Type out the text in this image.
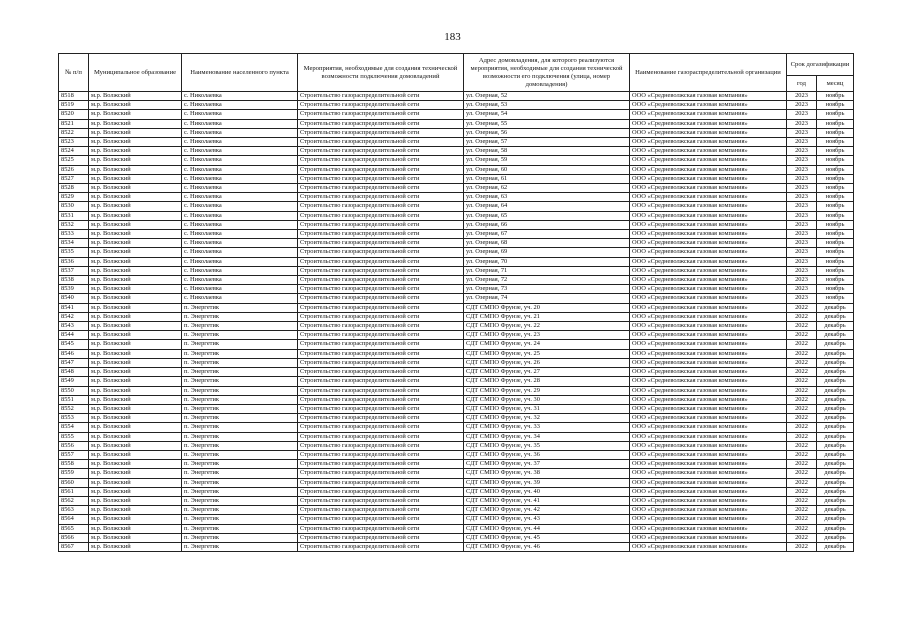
183
№ п/п	Муниципальное образование	Наименование населенного пункта	Мероприятия, необходимые для создания технической возможности подключения домовладений	Адрес домовладения, для которого реализуются мероприятия, необходимые для создания технической возможности его подключения (улица, номер домовладения)	Наименование газораспределительной организации	Срок догазификации	
						год	месяц
8518	м.р. Волжский	с. Николаевка	Строительство газораспределительной сети	ул. Озерная, 52	ООО «Средневолжская газовая компания»	2023	ноябрь
8519	м.р. Волжский	с. Николаевка	Строительство газораспределительной сети	ул. Озерная, 53	ООО «Средневолжская газовая компания»	2023	ноябрь
8520	м.р. Волжский	с. Николаевка	Строительство газораспределительной сети	ул. Озерная, 54	ООО «Средневолжская газовая компания»	2023	ноябрь
8521	м.р. Волжский	с. Николаевка	Строительство газораспределительной сети	ул. Озерная, 55	ООО «Средневолжская газовая компания»	2023	ноябрь
8522	м.р. Волжский	с. Николаевка	Строительство газораспределительной сети	ул. Озерная, 56	ООО «Средневолжская газовая компания»	2023	ноябрь
8523	м.р. Волжский	с. Николаевка	Строительство газораспределительной сети	ул. Озерная, 57	ООО «Средневолжская газовая компания»	2023	ноябрь
8524	м.р. Волжский	с. Николаевка	Строительство газораспределительной сети	ул. Озерная, 58	ООО «Средневолжская газовая компания»	2023	ноябрь
8525	м.р. Волжский	с. Николаевка	Строительство газораспределительной сети	ул. Озерная, 59	ООО «Средневолжская газовая компания»	2023	ноябрь
8526	м.р. Волжский	с. Николаевка	Строительство газораспределительной сети	ул. Озерная, 60	ООО «Средневолжская газовая компания»	2023	ноябрь
8527	м.р. Волжский	с. Николаевка	Строительство газораспределительной сети	ул. Озерная, 61	ООО «Средневолжская газовая компания»	2023	ноябрь
8528	м.р. Волжский	с. Николаевка	Строительство газораспределительной сети	ул. Озерная, 62	ООО «Средневолжская газовая компания»	2023	ноябрь
8529	м.р. Волжский	с. Николаевка	Строительство газораспределительной сети	ул. Озерная, 63	ООО «Средневолжская газовая компания»	2023	ноябрь
8530	м.р. Волжский	с. Николаевка	Строительство газораспределительной сети	ул. Озерная, 64	ООО «Средневолжская газовая компания»	2023	ноябрь
8531	м.р. Волжский	с. Николаевка	Строительство газораспределительной сети	ул. Озерная, 65	ООО «Средневолжская газовая компания»	2023	ноябрь
8532	м.р. Волжский	с. Николаевка	Строительство газораспределительной сети	ул. Озерная, 66	ООО «Средневолжская газовая компания»	2023	ноябрь
8533	м.р. Волжский	с. Николаевка	Строительство газораспределительной сети	ул. Озерная, 67	ООО «Средневолжская газовая компания»	2023	ноябрь
8534	м.р. Волжский	с. Николаевка	Строительство газораспределительной сети	ул. Озерная, 68	ООО «Средневолжская газовая компания»	2023	ноябрь
8535	м.р. Волжский	с. Николаевка	Строительство газораспределительной сети	ул. Озерная, 69	ООО «Средневолжская газовая компания»	2023	ноябрь
8536	м.р. Волжский	с. Николаевка	Строительство газораспределительной сети	ул. Озерная, 70	ООО «Средневолжская газовая компания»	2023	ноябрь
8537	м.р. Волжский	с. Николаевка	Строительство газораспределительной сети	ул. Озерная, 71	ООО «Средневолжская газовая компания»	2023	ноябрь
8538	м.р. Волжский	с. Николаевка	Строительство газораспределительной сети	ул. Озерная, 72	ООО «Средневолжская газовая компания»	2023	ноябрь
8539	м.р. Волжский	с. Николаевка	Строительство газораспределительной сети	ул. Озерная, 73	ООО «Средневолжская газовая компания»	2023	ноябрь
8540	м.р. Волжский	с. Николаевка	Строительство газораспределительной сети	ул. Озерная, 74	ООО «Средневолжская газовая компания»	2023	ноябрь
8541	м.р. Волжский	п. Энергетик	Строительство газораспределительной сети	СДТ СМПО Фрунзе, уч. 20	ООО «Средневолжская газовая компания»	2022	декабрь
8542	м.р. Волжский	п. Энергетик	Строительство газораспределительной сети	СДТ СМПО Фрунзе, уч. 21	ООО «Средневолжская газовая компания»	2022	декабрь
8543	м.р. Волжский	п. Энергетик	Строительство газораспределительной сети	СДТ СМПО Фрунзе, уч. 22	ООО «Средневолжская газовая компания»	2022	декабрь
8544	м.р. Волжский	п. Энергетик	Строительство газораспределительной сети	СДТ СМПО Фрунзе, уч. 23	ООО «Средневолжская газовая компания»	2022	декабрь
8545	м.р. Волжский	п. Энергетик	Строительство газораспределительной сети	СДТ СМПО Фрунзе, уч. 24	ООО «Средневолжская газовая компания»	2022	декабрь
8546	м.р. Волжский	п. Энергетик	Строительство газораспределительной сети	СДТ СМПО Фрунзе, уч. 25	ООО «Средневолжская газовая компания»	2022	декабрь
8547	м.р. Волжский	п. Энергетик	Строительство газораспределительной сети	СДТ СМПО Фрунзе, уч. 26	ООО «Средневолжская газовая компания»	2022	декабрь
8548	м.р. Волжский	п. Энергетик	Строительство газораспределительной сети	СДТ СМПО Фрунзе, уч. 27	ООО «Средневолжская газовая компания»	2022	декабрь
8549	м.р. Волжский	п. Энергетик	Строительство газораспределительной сети	СДТ СМПО Фрунзе, уч. 28	ООО «Средневолжская газовая компания»	2022	декабрь
8550	м.р. Волжский	п. Энергетик	Строительство газораспределительной сети	СДТ СМПО Фрунзе, уч. 29	ООО «Средневолжская газовая компания»	2022	декабрь
8551	м.р. Волжский	п. Энергетик	Строительство газораспределительной сети	СДТ СМПО Фрунзе, уч. 30	ООО «Средневолжская газовая компания»	2022	декабрь
8552	м.р. Волжский	п. Энергетик	Строительство газораспределительной сети	СДТ СМПО Фрунзе, уч. 31	ООО «Средневолжская газовая компания»	2022	декабрь
8553	м.р. Волжский	п. Энергетик	Строительство газораспределительной сети	СДТ СМПО Фрунзе, уч. 32	ООО «Средневолжская газовая компания»	2022	декабрь
8554	м.р. Волжский	п. Энергетик	Строительство газораспределительной сети	СДТ СМПО Фрунзе, уч. 33	ООО «Средневолжская газовая компания»	2022	декабрь
8555	м.р. Волжский	п. Энергетик	Строительство газораспределительной сети	СДТ СМПО Фрунзе, уч. 34	ООО «Средневолжская газовая компания»	2022	декабрь
8556	м.р. Волжский	п. Энергетик	Строительство газораспределительной сети	СДТ СМПО Фрунзе, уч. 35	ООО «Средневолжская газовая компания»	2022	декабрь
8557	м.р. Волжский	п. Энергетик	Строительство газораспределительной сети	СДТ СМПО Фрунзе, уч. 36	ООО «Средневолжская газовая компания»	2022	декабрь
8558	м.р. Волжский	п. Энергетик	Строительство газораспределительной сети	СДТ СМПО Фрунзе, уч. 37	ООО «Средневолжская газовая компания»	2022	декабрь
8559	м.р. Волжский	п. Энергетик	Строительство газораспределительной сети	СДТ СМПО Фрунзе, уч. 38	ООО «Средневолжская газовая компания»	2022	декабрь
8560	м.р. Волжский	п. Энергетик	Строительство газораспределительной сети	СДТ СМПО Фрунзе, уч. 39	ООО «Средневолжская газовая компания»	2022	декабрь
8561	м.р. Волжский	п. Энергетик	Строительство газораспределительной сети	СДТ СМПО Фрунзе, уч. 40	ООО «Средневолжская газовая компания»	2022	декабрь
8562	м.р. Волжский	п. Энергетик	Строительство газораспределительной сети	СДТ СМПО Фрунзе, уч. 41	ООО «Средневолжская газовая компания»	2022	декабрь
8563	м.р. Волжский	п. Энергетик	Строительство газораспределительной сети	СДТ СМПО Фрунзе, уч. 42	ООО «Средневолжская газовая компания»	2022	декабрь
8564	м.р. Волжский	п. Энергетик	Строительство газораспределительной сети	СДТ СМПО Фрунзе, уч. 43	ООО «Средневолжская газовая компания»	2022	декабрь
8565	м.р. Волжский	п. Энергетик	Строительство газораспределительной сети	СДТ СМПО Фрунзе, уч. 44	ООО «Средневолжская газовая компания»	2022	декабрь
8566	м.р. Волжский	п. Энергетик	Строительство газораспределительной сети	СДТ СМПО Фрунзе, уч. 45	ООО «Средневолжская газовая компания»	2022	декабрь
8567	м.р. Волжский	п. Энергетик	Строительство газораспределительной сети	СДТ СМПО Фрунзе, уч. 46	ООО «Средневолжская газовая компания»	2022	декабрь
